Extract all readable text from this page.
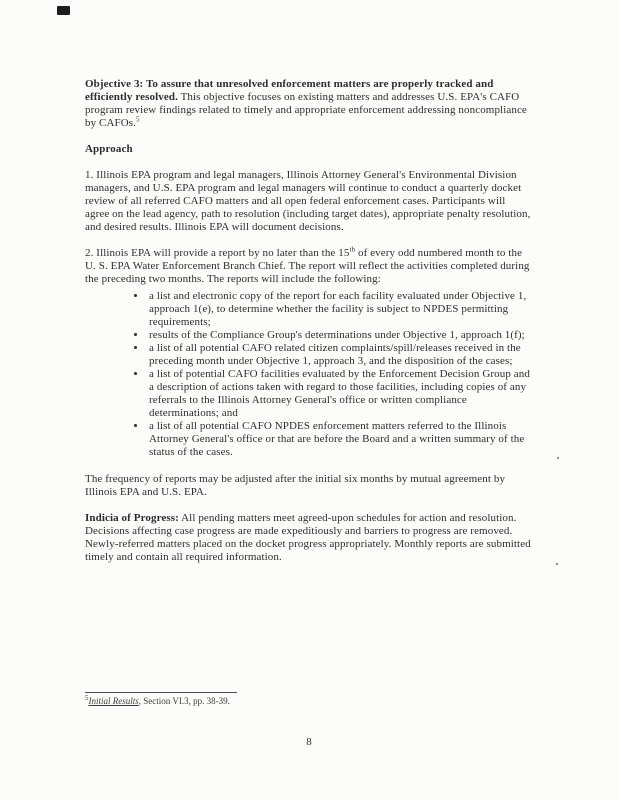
Objective 3: To assure that unresolved enforcement matters are properly tracked and efficiently resolved. This objective focuses on existing matters and addresses U.S. EPA's CAFO program review findings related to timely and appropriate enforcement addressing noncompliance by CAFOs.$^5$

Approach

1. Illinois EPA program and legal managers, Illinois Attorney General's Environmental Division managers, and U.S. EPA program and legal managers will continue to conduct a quarterly docket review of all referred CAFO matters and all open federal enforcement cases. Participants will agree on the lead agency, path to resolution (including target dates), appropriate penalty resolution, and desired results. Illinois EPA will document decisions.

2. Illinois EPA will provide a report by no later than the 15th of every odd numbered month to the U. S. EPA Water Enforcement Branch Chief. The report will reflect the activities completed during the preceding two months. The reports will include the following:

• a list and electronic copy of the report for each facility evaluated under Objective 1, approach 1(e), to determine whether the facility is subject to NPDES permitting requirements;
• results of the Compliance Group's determinations under Objective 1, approach 1(f);
• a list of all potential CAFO related citizen complaints/spill/releases received in the preceding month under Objective 1, approach 3, and the disposition of the cases;
• a list of potential CAFO facilities evaluated by the Enforcement Decision Group and a description of actions taken with regard to those facilities, including copies of any referrals to the Illinois Attorney General's office or written compliance determinations; and
• a list of all potential CAFO NPDES enforcement matters referred to the Illinois Attorney General's office or that are before the Board and a written summary of the status of the cases.

The frequency of reports may be adjusted after the initial six months by mutual agreement by Illinois EPA and U.S. EPA.

Indicia of Progress: All pending matters meet agreed-upon schedules for action and resolution. Decisions affecting case progress are made expeditiously and barriers to progress are removed. Newly-referred matters placed on the docket progress appropriately. Monthly reports are submitted timely and contain all required information.

$^5$Initial Results, Section VI.3, pp. 38-39.

8
